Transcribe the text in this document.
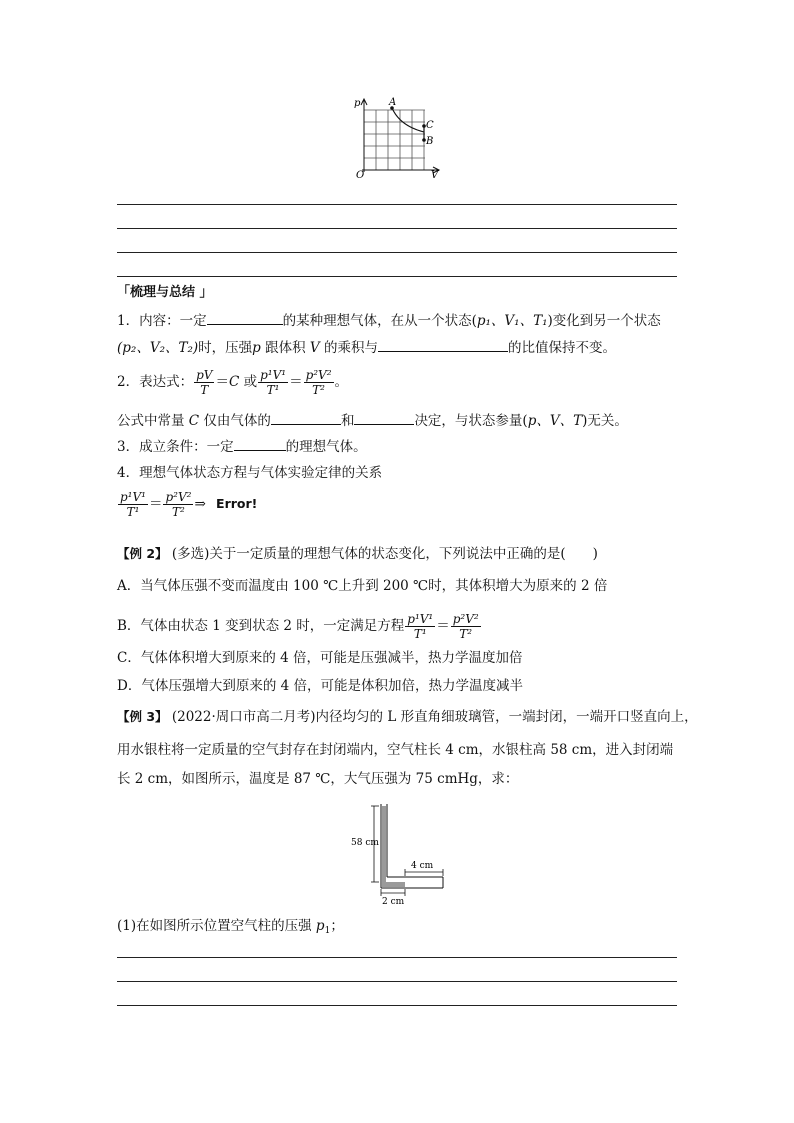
p
V
O
A
C
B
「梳理与总结 」
1．内容：一定	的某种理想气体，在从一个状态(p₁、V₁、T₁)变化到另一个状态
(p₂、V₂、T₂)时，压强p 跟体积 V 的乘积与	的比值保持不变。
2．表达式： $\frac{pV}{T} =C$ 或 $\frac{\text{p¹V¹}}{\text{T¹}} = \frac{\text{p²V²}}{\text{T²}}$ 。
公式中常量 C 仅由气体的	和	决定，与状态参量(p、V、T)无关。
3．成立条件：一定	的理想气体。
4．理想气体状态方程与气体实验定律的关系
$\frac{\text{p¹V¹}}{\text{T¹}} = \frac{\text{p²V²}}{\text{T²}}$ ⇒ Error!
【例 2】 (多选)关于一定质量的理想气体的状态变化，下列说法中正确的是(　　)
A．当气体压强不变而温度由 100 ℃上升到 200 ℃时，其体积增大为原来的 2 倍
B．气体由状态 1 变到状态 2 时，一定满足方程 $\frac{\text{p¹V¹}}{\text{T¹}} = \frac{\text{p²V²}}{\text{T²}}$
C．气体体积增大到原来的 4 倍，可能是压强减半，热力学温度加倍
D．气体压强增大到原来的 4 倍，可能是体积加倍，热力学温度减半
【例 3】 (2022·周口市高二月考)内径均匀的 L 形直角细玻璃管，一端封闭，一端开口竖直向上，
用水银柱将一定质量的空气封存在封闭端内，空气柱长 4 cm，水银柱高 58 cm，进入封闭端
长 2 cm，如图所示，温度是 87 ℃，大气压强为 75 cmHg，求：
58 cm
4 cm
2 cm
(1)在如图所示位置空气柱的压强 $p_1$；
